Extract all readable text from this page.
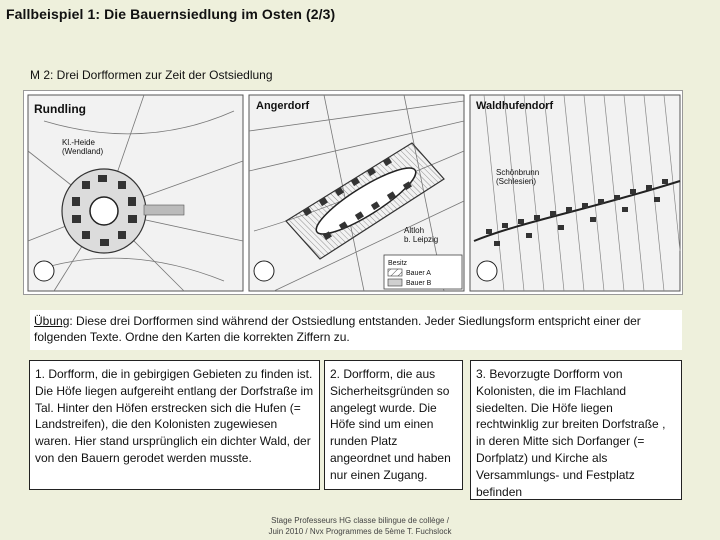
Fallbeispiel 1: Die Bauernsiedlung im Osten (2/3)
M 2: Drei Dorfformen zur Zeit der Ostsiedlung
Rundling
Kl.-Heide
(Wendland)
Angerdorf
Altloh
b. Leipzig
Besitz
Bauer A
Bauer B
Waldhufendorf
Schönbrunn
(Schlesien)
Übung: Diese drei Dorfformen sind während der Ostsiedlung entstanden. Jeder Siedlungsform entspricht einer der folgenden Texte. Ordne den Karten die korrekten Ziffern zu.
1. Dorfform, die in gebirgigen Gebieten zu finden ist. Die Höfe liegen aufgereiht entlang der Dorfstraße im Tal. Hinter den Höfen erstrecken sich die Hufen (= Landstreifen), die den Kolonisten zugewiesen waren. Hier stand ursprünglich ein dichter Wald, der von den Bauern gerodet werden musste.
2. Dorfform, die aus Sicherheitsgründen so angelegt wurde. Die Höfe sind um einen runden Platz angeordnet und haben nur einen Zugang.
3. Bevorzugte Dorfform von Kolonisten, die im Flachland siedelten. Die Höfe liegen rechtwinklig zur breiten Dorfstraße , in deren Mitte sich Dorfanger (= Dorfplatz) und Kirche als Versammlungs- und Festplatz befinden
Stage Professeurs HG classe bilingue de collège /
Juin 2010 / Nvx Programmes de 5ème T. Fuchslock
